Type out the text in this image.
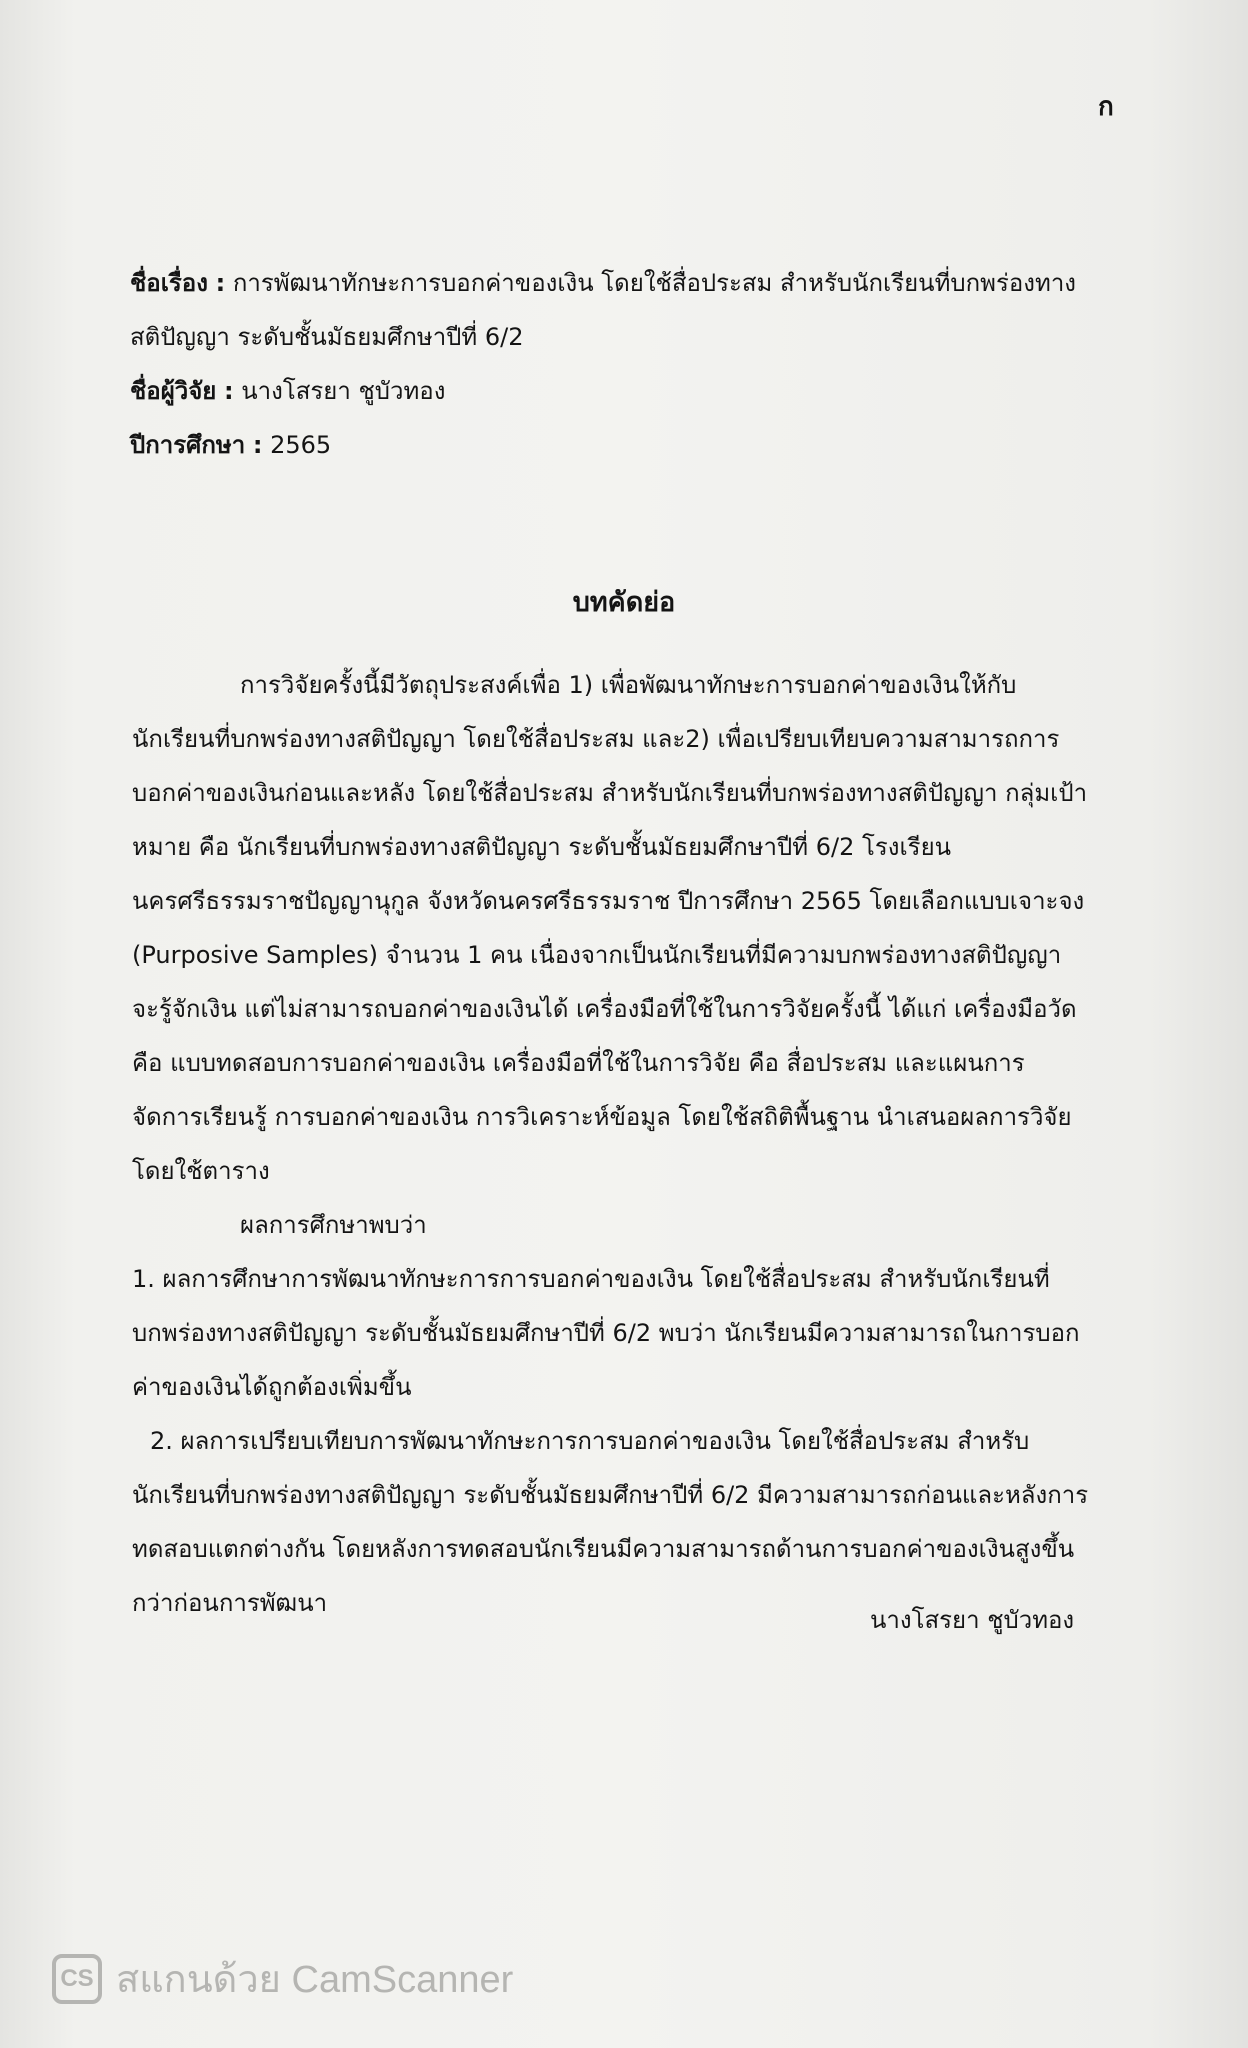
ก
ชื่อเรื่อง : การพัฒนาทักษะการบอกค่าของเงิน โดยใช้สื่อประสม สำหรับนักเรียนที่บกพร่องทางสติปัญญา ระดับชั้นมัธยมศึกษาปีที่ 6/2
ชื่อผู้วิจัย : นางโสรยา ชูบัวทอง
ปีการศึกษา : 2565
บทคัดย่อ

การวิจัยครั้งนี้มีวัตถุประสงค์เพื่อ 1) เพื่อพัฒนาทักษะการบอกค่าของเงินให้กับนักเรียนที่บกพร่องทางสติปัญญา โดยใช้สื่อประสม และ2) เพื่อเปรียบเทียบความสามารถการบอกค่าของเงินก่อนและหลัง โดยใช้สื่อประสม สำหรับนักเรียนที่บกพร่องทางสติปัญญา กลุ่มเป้าหมาย คือ นักเรียนที่บกพร่องทางสติปัญญา ระดับชั้นมัธยมศึกษาปีที่ 6/2 โรงเรียนนครศรีธรรมราชปัญญานุกูล จังหวัดนครศรีธรรมราช ปีการศึกษา 2565 โดยเลือกแบบเจาะจง (Purposive Samples) จำนวน 1 คน เนื่องจากเป็นนักเรียนที่มีความบกพร่องทางสติปัญญา จะรู้จักเงิน แต่ไม่สามารถบอกค่าของเงินได้ เครื่องมือที่ใช้ในการวิจัยครั้งนี้ ได้แก่ เครื่องมือวัด คือ แบบทดสอบการบอกค่าของเงิน เครื่องมือที่ใช้ในการวิจัย คือ สื่อประสม และแผนการจัดการเรียนรู้ การบอกค่าของเงิน การวิเคราะห์ข้อมูล โดยใช้สถิติพื้นฐาน นำเสนอผลการวิจัยโดยใช้ตาราง

ผลการศึกษาพบว่า

1. ผลการศึกษาการพัฒนาทักษะการการบอกค่าของเงิน โดยใช้สื่อประสม สำหรับนักเรียนที่บกพร่องทางสติปัญญา ระดับชั้นมัธยมศึกษาปีที่ 6/2 พบว่า นักเรียนมีความสามารถในการบอกค่าของเงินได้ถูกต้องเพิ่มขึ้น

2. ผลการเปรียบเทียบการพัฒนาทักษะการการบอกค่าของเงิน โดยใช้สื่อประสม สำหรับนักเรียนที่บกพร่องทางสติปัญญา ระดับชั้นมัธยมศึกษาปีที่ 6/2 มีความสามารถก่อนและหลังการทดสอบแตกต่างกัน โดยหลังการทดสอบนักเรียนมีความสามารถด้านการบอกค่าของเงินสูงขึ้นกว่าก่อนการพัฒนา

นางโสรยา ชูบัวทอง
CS สแกนด้วย CamScanner
